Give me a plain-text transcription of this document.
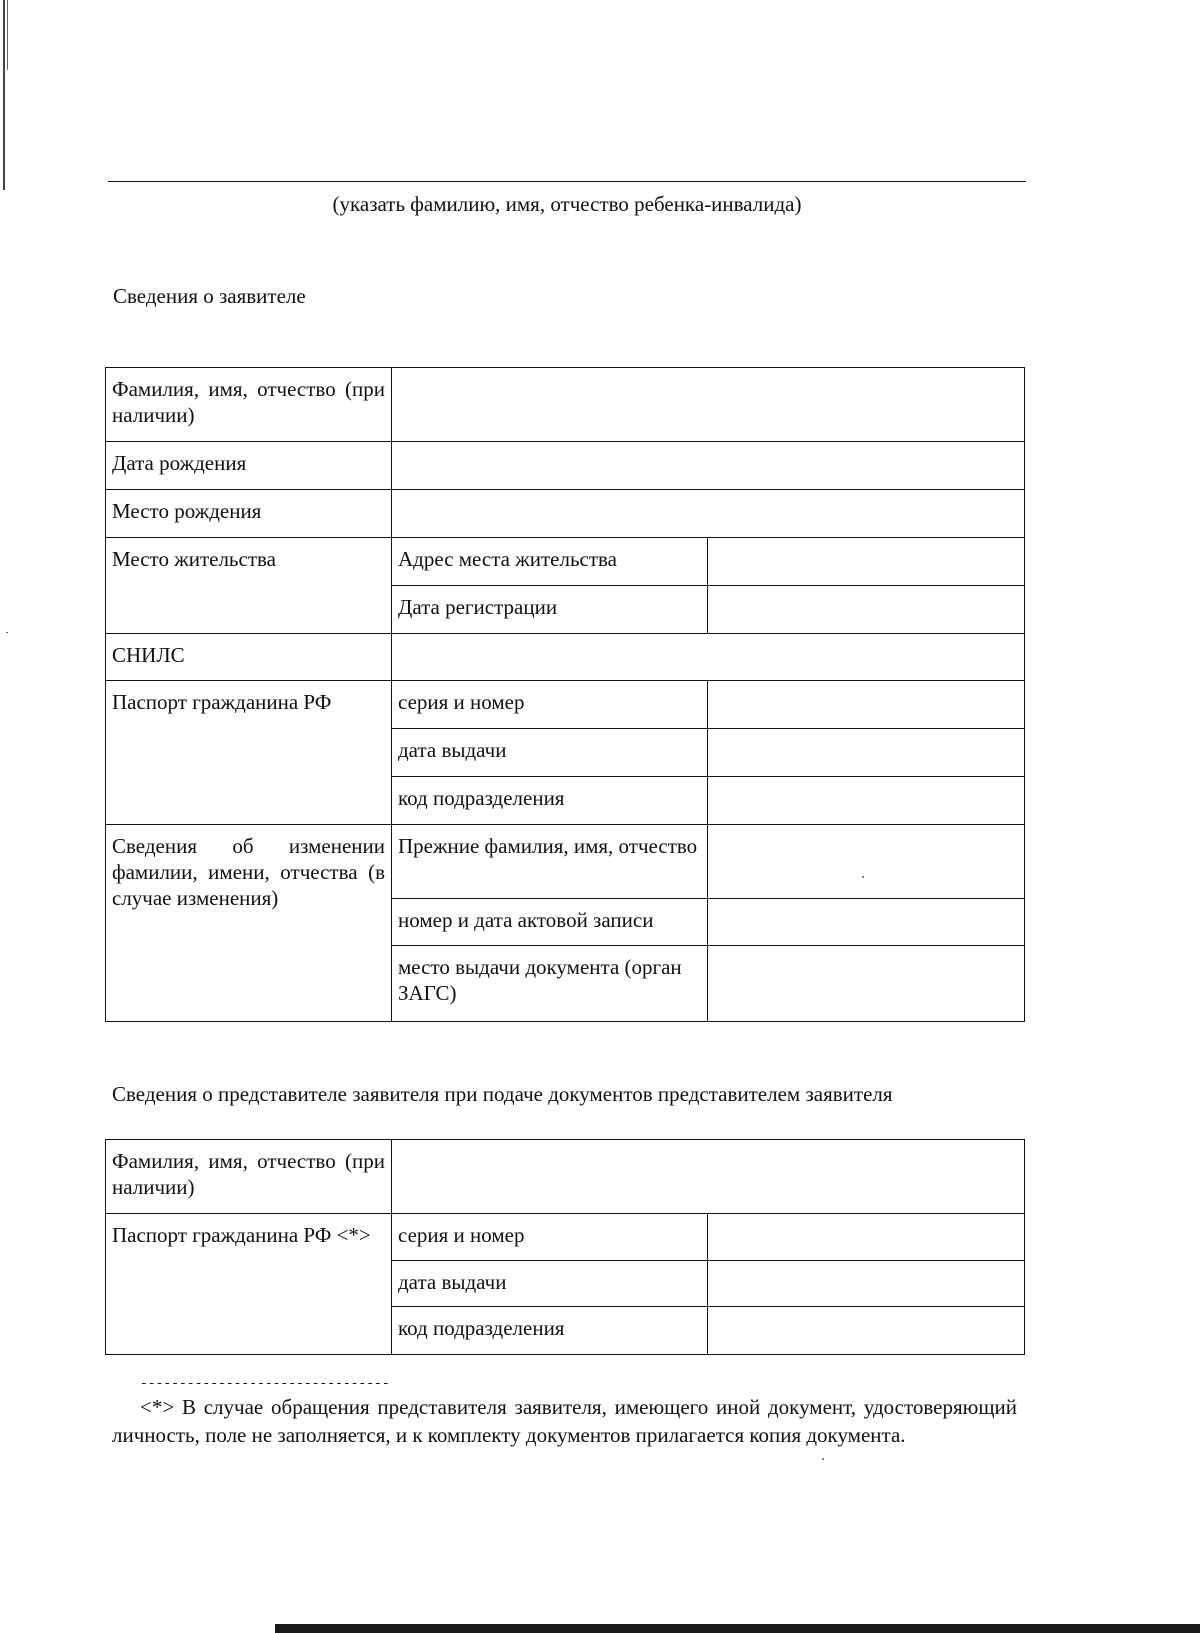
(указать фамилию, имя, отчество ребенка-инвалида)
Сведения о заявителе
Фамилия, имя, отчество (при наличии)		
Дата рождения		
Место рождения		
Место жительства	Адрес места жительства	
	Дата регистрации	
СНИЛС		
Паспорт гражданина РФ	серия и номер	
	дата выдачи	
	код подразделения	
Сведения об изменении фамилии, имени, отчества (в случае изменения)	Прежние фамилия, имя, отчество	
	номер и дата актовой записи	
	место выдачи документа (орган ЗАГС)	
Сведения о представителе заявителя при подаче документов представителем заявителя
Фамилия, имя, отчество (при наличии)		
Паспорт гражданина РФ <*>	серия и номер	
	дата выдачи	
	код подразделения	
--------------------------------
<*> В случае обращения представителя заявителя, имеющего иной документ, удостоверяющий личность, поле не заполняется, и к комплекту документов прилагается копия документа.
